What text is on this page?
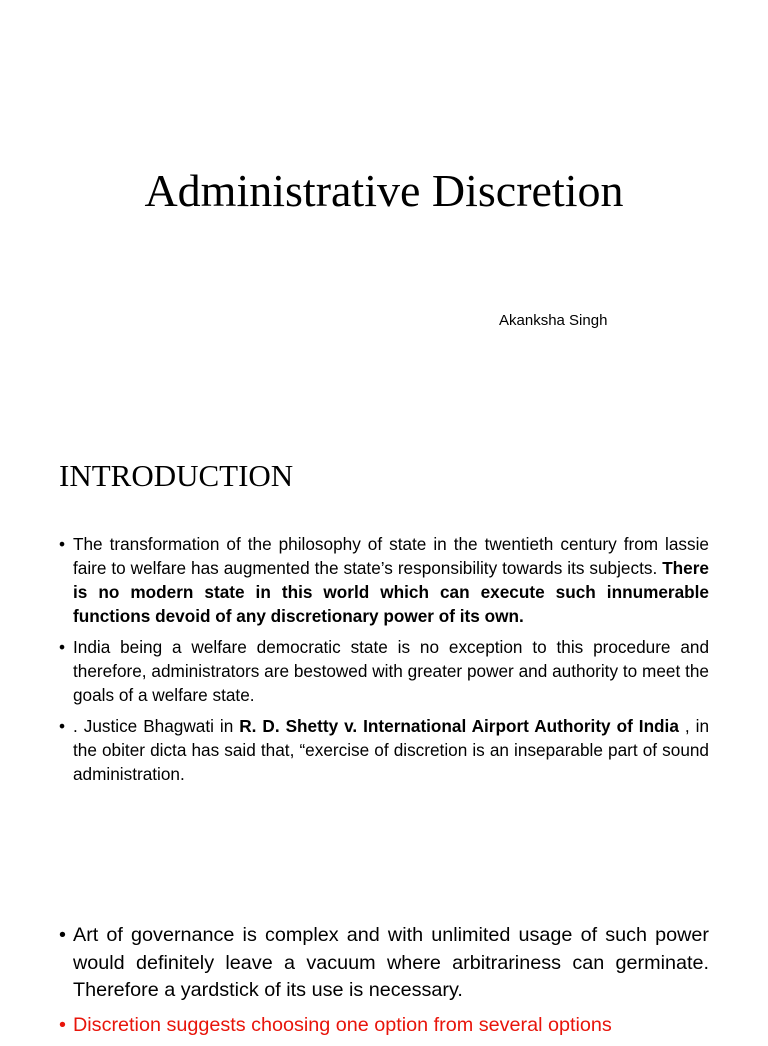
Administrative Discretion
Akanksha Singh
INTRODUCTION
• The transformation of the philosophy of state in the twentieth century from lassie faire to welfare has augmented the state’s responsibility towards its subjects. There is no modern state in this world which can execute such innumerable functions devoid of any discretionary power of its own.
• India being a welfare democratic state is no exception to this procedure and therefore, administrators are bestowed with greater power and authority to meet the goals of a welfare state.
• . Justice Bhagwati in R. D. Shetty v. International Airport Authority of India , in the obiter dicta has said that, “exercise of discretion is an inseparable part of sound administration.
• Art of governance is complex and with unlimited usage of such power would definitely leave a vacuum where arbitrariness can germinate. Therefore a yardstick of its use is necessary.
• Discretion suggests choosing one option from several options
